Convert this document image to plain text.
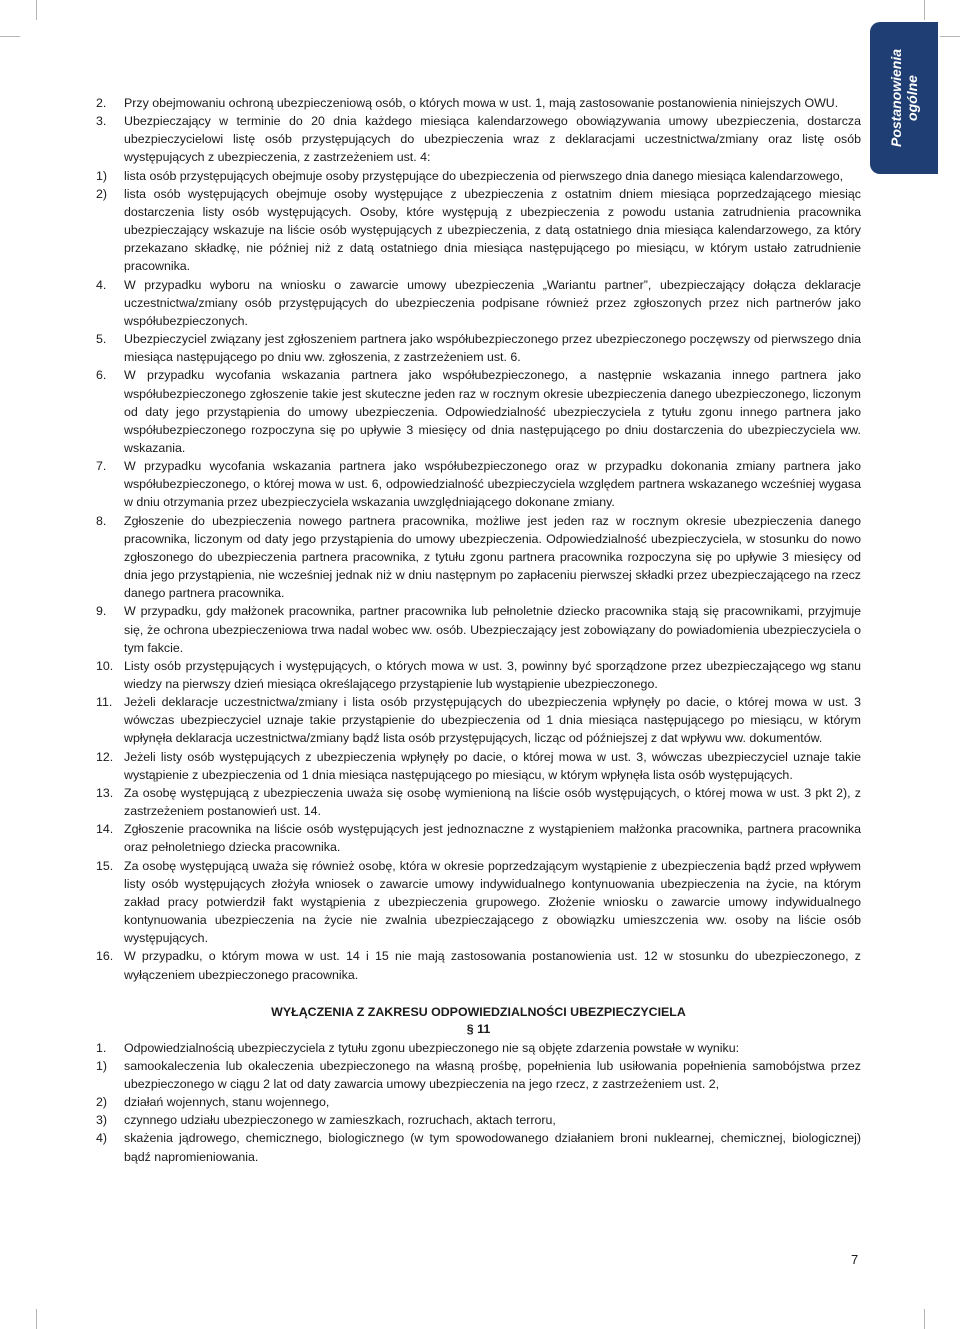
Postanowienia ogólne
2.	Przy obejmowaniu ochroną ubezpieczeniową osób, o których mowa w ust. 1, mają zastosowanie postanowienia niniejszych OWU.
3.	Ubezpieczający w terminie do 20 dnia każdego miesiąca kalendarzowego obowiązywania umowy ubezpieczenia, dostarcza ubezpieczycielowi listę osób przystępujących do ubezpieczenia wraz z deklaracjami uczestnictwa/zmiany oraz listę osób występujących z ubezpieczenia, z zastrzeżeniem ust. 4:
1)	lista osób przystępujących obejmuje osoby przystępujące do ubezpieczenia od pierwszego dnia danego miesiąca kalendarzowego,
2)	lista osób występujących obejmuje osoby występujące z ubezpieczenia z ostatnim dniem miesiąca poprzedzającego miesiąc dostarczenia listy osób występujących. Osoby, które występują z ubezpieczenia z powodu ustania zatrudnienia pracownika ubezpieczający wskazuje na liście osób występujących z ubezpieczenia, z datą ostatniego dnia miesiąca kalendarzowego, za który przekazano składkę, nie później niż z datą ostatniego dnia miesiąca następującego po miesiącu, w którym ustało zatrudnienie pracownika.
4.	W przypadku wyboru na wniosku o zawarcie umowy ubezpieczenia „Wariantu partner”, ubezpieczający dołącza deklaracje uczestnictwa/zmiany osób przystępujących do ubezpieczenia podpisane również przez zgłoszonych przez nich partnerów jako współubezpieczonych.
5.	Ubezpieczyciel związany jest zgłoszeniem partnera jako współubezpieczonego przez ubezpieczonego poczęwszy od pierwszego dnia miesiąca następującego po dniu ww. zgłoszenia, z zastrzeżeniem ust. 6.
6.	W przypadku wycofania wskazania partnera jako współubezpieczonego, a następnie wskazania innego partnera jako współubezpieczonego zgłoszenie takie jest skuteczne jeden raz w rocznym okresie ubezpieczenia danego ubezpieczonego, liczonym od daty jego przystąpienia do umowy ubezpieczenia. Odpowiedzialność ubezpieczyciela z tytułu zgonu innego partnera jako współubezpieczonego rozpoczyna się po upływie 3 miesięcy od dnia następującego po dniu dostarczenia do ubezpieczyciela ww. wskazania.
7.	W przypadku wycofania wskazania partnera jako współubezpieczonego oraz w przypadku dokonania zmiany partnera jako współubezpieczonego, o której mowa w ust. 6, odpowiedzialność ubezpieczyciela względem partnera wskazanego wcześniej wygasa w dniu otrzymania przez ubezpieczyciela wskazania uwzględniającego dokonane zmiany.
8.	Zgłoszenie do ubezpieczenia nowego partnera pracownika, możliwe jest jeden raz w rocznym okresie ubezpieczenia danego pracownika, liczonym od daty jego przystąpienia do umowy ubezpieczenia. Odpowiedzialność ubezpieczyciela, w stosunku do nowo zgłoszonego do ubezpieczenia partnera pracownika, z tytułu zgonu partnera pracownika rozpoczyna się po upływie 3 miesięcy od dnia jego przystąpienia, nie wcześniej jednak niż w dniu następnym po zapłaceniu pierwszej składki przez ubezpieczającego na rzecz danego partnera pracownika.
9.	W przypadku, gdy małżonek pracownika, partner pracownika lub pełnoletnie dziecko pracownika stają się pracownikami, przyjmuje się, że ochrona ubezpieczeniowa trwa nadal wobec ww. osób. Ubezpieczający jest zobowiązany do powiadomienia ubezpieczyciela o tym fakcie.
10. Listy osób przystępujących i występujących, o których mowa w ust. 3, powinny być sporządzone przez ubezpieczającego wg stanu wiedzy na pierwszy dzień miesiąca określającego przystąpienie lub wystąpienie ubezpieczonego.
11. Jeżeli deklaracje uczestnictwa/zmiany i lista osób przystępujących do ubezpieczenia wpłynęły po dacie, o której mowa w ust. 3 wówczas ubezpieczyciel uznaje takie przystąpienie do ubezpieczenia od 1 dnia miesiąca następującego po miesiącu, w którym wpłynęła deklaracja uczestnictwa/zmiany bądź lista osób przystępujących, licząc od późniejszej z dat wpływu ww. dokumentów.
12. Jeżeli listy osób występujących z ubezpieczenia wpłynęły po dacie, o której mowa w ust. 3, wówczas ubezpieczyciel uznaje takie wystąpienie z ubezpieczenia od 1 dnia miesiąca następującego po miesiącu, w którym wpłynęła lista osób występujących.
13. Za osobę występującą z ubezpieczenia uważa się osobę wymienioną na liście osób występujących, o której mowa w ust. 3 pkt 2), z zastrzeżeniem postanowień ust. 14.
14. Zgłoszenie pracownika na liście osób występujących jest jednoznaczne z wystąpieniem małżonka pracownika, partnera pracownika oraz pełnoletniego dziecka pracownika.
15. Za osobę występującą uważa się również osobę, która w okresie poprzedzającym wystąpienie z ubezpieczenia bądź przed wpływem listy osób występujących złożyła wniosek o zawarcie umowy indywidualnego kontynuowania ubezpieczenia na życie, na którym zakład pracy potwierdził fakt wystąpienia z ubezpieczenia grupowego. Złożenie wniosku o zawarcie umowy indywidualnego kontynuowania ubezpieczenia na życie nie zwalnia ubezpieczającego z obowiązku umieszczenia ww. osoby na liście osób występujących.
16. W przypadku, o którym mowa w ust. 14 i 15 nie mają zastosowania postanowienia ust. 12 w stosunku do ubezpieczonego, z wyłączeniem ubezpieczonego pracownika.
WYŁĄCZENIA Z ZAKRESU ODPOWIEDZIALNOŚCI UBEZPIECZYCIELA
§ 11
1.	Odpowiedzialnością ubezpieczyciela z tytułu zgonu ubezpieczonego nie są objęte zdarzenia powstałe w wyniku:
1)	samookaleczenia lub okaleczenia ubezpieczonego na własną prośbę, popełnienia lub usiłowania popełnienia samobójstwa przez ubezpieczonego w ciągu 2 lat od daty zawarcia umowy ubezpieczenia na jego rzecz, z zastrzeżeniem ust. 2,
2)	działań wojennych, stanu wojennego,
3)	czynnego udziału ubezpieczonego w zamieszkach, rozruchach, aktach terroru,
4)	skażenia jądrowego, chemicznego, biologicznego (w tym spowodowanego działaniem broni nuklearnej, chemicznej, biologicznej) bądź napromieniowania.
7
